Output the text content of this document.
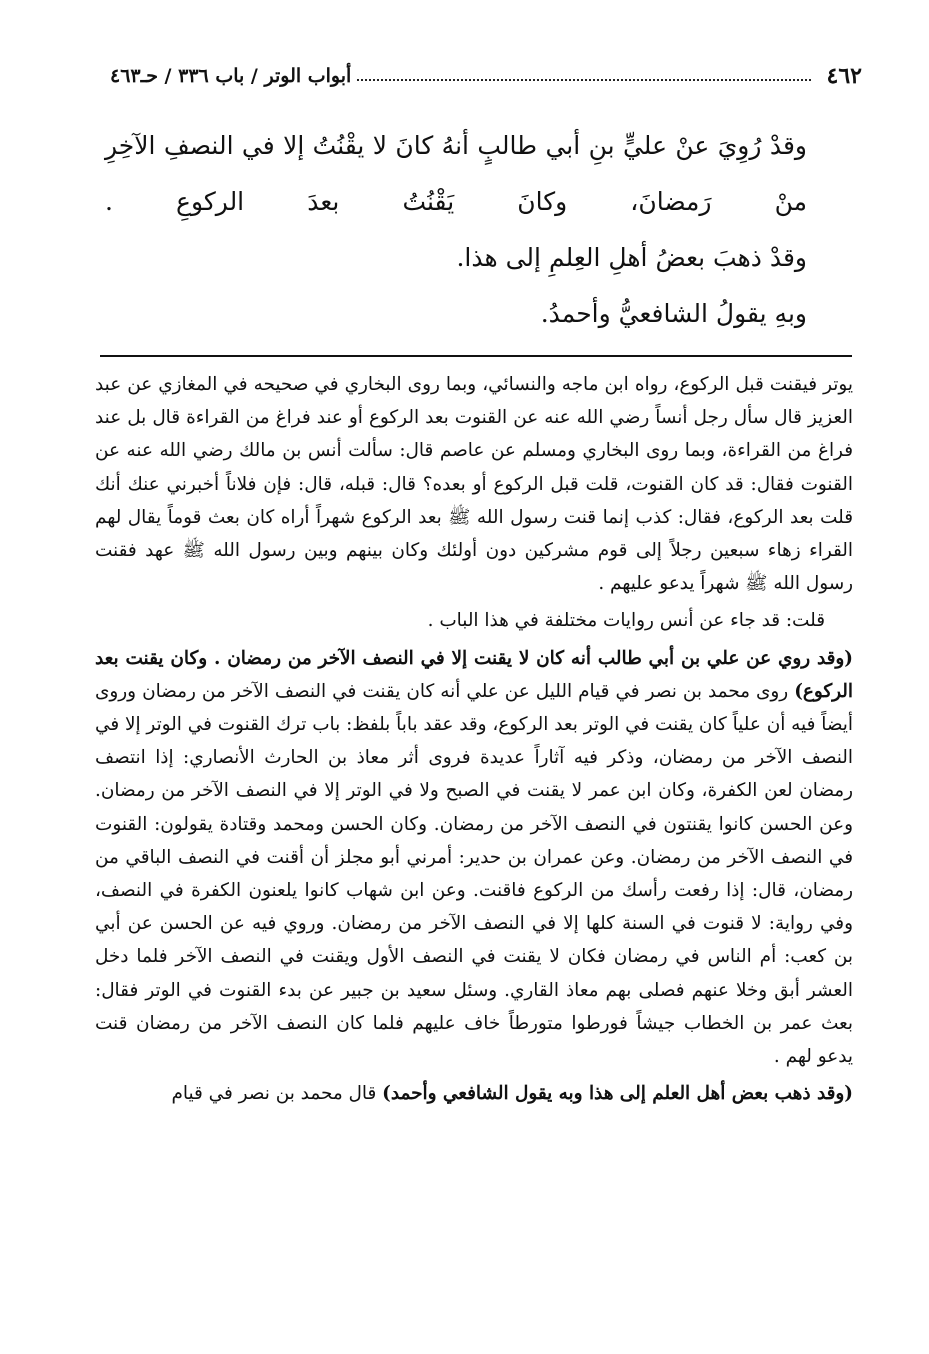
٤٦٢
أبواب الوتر / باب ٣٣٦ / حـ٤٦٣

وقدْ رُوِيَ عنْ عليٍّ بنِ أبي طالبٍ أنهُ كانَ لا يقْنُتُ إلا في النصفِ الآخِرِ منْ رَمضانَ، وكانَ يَقْنُتُ بعدَ الركوعِ .

وقدْ ذهبَ بعضُ أهلِ العِلمِ إلى هذا.

وبهِ يقولُ الشافعيُّ وأحمدُ.

يوتر فيقنت قبل الركوع، رواه ابن ماجه والنسائي، وبما روى البخاري في صحيحه في المغازي عن عبد العزيز قال سأل رجل أنساً رضي الله عنه عن القنوت بعد الركوع أو عند فراغ من القراءة قال بل عند فراغ من القراءة، وبما روى البخاري ومسلم عن عاصم قال: سألت أنس بن مالك رضي الله عنه عن القنوت فقال: قد كان القنوت، قلت قبل الركوع أو بعده؟ قال: قبله، قال: فإن فلاناً أخبرني عنك أنك قلت بعد الركوع، فقال: كذب إنما قنت رسول الله ﷺ بعد الركوع شهراً أراه كان بعث قوماً يقال لهم القراء زهاء سبعين رجلاً إلى قوم مشركين دون أولئك وكان بينهم وبين رسول الله ﷺ عهد فقنت رسول الله ﷺ شهراً يدعو عليهم .

قلت: قد جاء عن أنس روايات مختلفة في هذا الباب .

(وقد روي عن علي بن أبي طالب أنه كان لا يقنت إلا في النصف الآخر من رمضان . وكان يقنت بعد الركوع) روى محمد بن نصر في قيام الليل عن علي أنه كان يقنت في النصف الآخر من رمضان وروى أيضاً فيه أن علياً كان يقنت في الوتر بعد الركوع، وقد عقد باباً بلفظ: باب ترك القنوت في الوتر إلا في النصف الآخر من رمضان، وذكر فيه آثاراً عديدة فروى أثر معاذ بن الحارث الأنصاري: إذا انتصف رمضان لعن الكفرة، وكان ابن عمر لا يقنت في الصبح ولا في الوتر إلا في النصف الآخر من رمضان. وعن الحسن كانوا يقنتون في النصف الآخر من رمضان. وكان الحسن ومحمد وقتادة يقولون: القنوت في النصف الآخر من رمضان. وعن عمران بن حدير: أمرني أبو مجلز أن أقنت في النصف الباقي من رمضان، قال: إذا رفعت رأسك من الركوع فاقنت. وعن ابن شهاب كانوا يلعنون الكفرة في النصف، وفي رواية: لا قنوت في السنة كلها إلا في النصف الآخر من رمضان. وروي فيه عن الحسن عن أبي بن كعب: أم الناس في رمضان فكان لا يقنت في النصف الأول ويقنت في النصف الآخر فلما دخل العشر أبق وخلا عنهم فصلى بهم معاذ القاري. وسئل سعيد بن جبير عن بدء القنوت في الوتر فقال: بعث عمر بن الخطاب جيشاً فورطوا متورطاً خاف عليهم فلما كان النصف الآخر من رمضان قنت يدعو لهم .

(وقد ذهب بعض أهل العلم إلى هذا وبه يقول الشافعي وأحمد) قال محمد بن نصر في قيام
